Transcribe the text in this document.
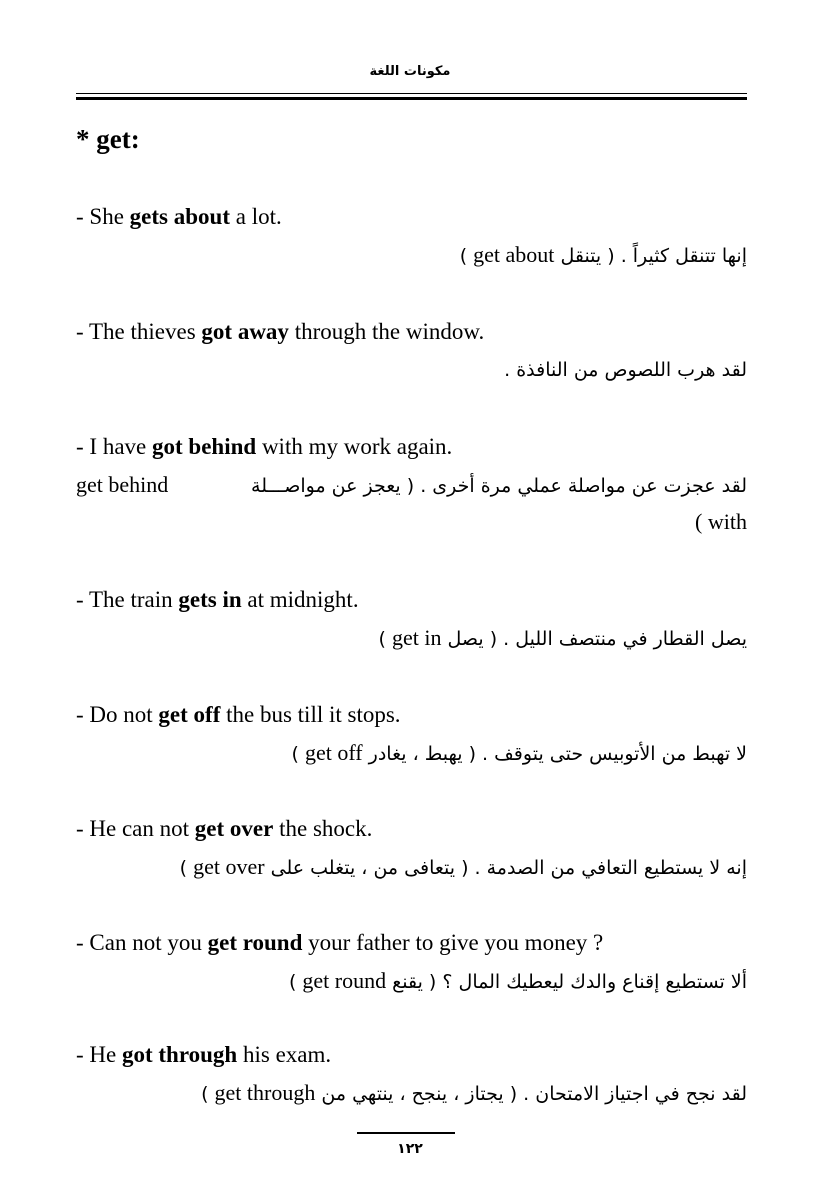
مكونات اللغة
* get:
- She gets about a lot.
إنها تتنقل كثيراً . ( يتنقل get about )
- The thieves got away through the window.
لقد هرب اللصوص من النافذة .
- I have got behind with my work again.
get behind	لقد عجزت عن مواصلة عملي مرة أخرى . ( يعجز عن مواصـــلة
( with
- The train gets in at midnight.
يصل القطار في منتصف الليل . ( يصل get in )
- Do not get off the bus till it stops.
لا تهبط من الأتوبيس حتى يتوقف . ( يهبط ، يغادر get off )
- He can not get over the shock.
إنه لا يستطيع التعافي من الصدمة . ( يتعافى من ، يتغلب على get over )
- Can not you get round your father to give you money ?
ألا تستطيع إقناع والدك ليعطيك المال ؟ ( يقنع get round )
- He got through his exam.
لقد نجح في اجتياز الامتحان . ( يجتاز ، ينجح ، ينتهي من get through )
١٢٢
